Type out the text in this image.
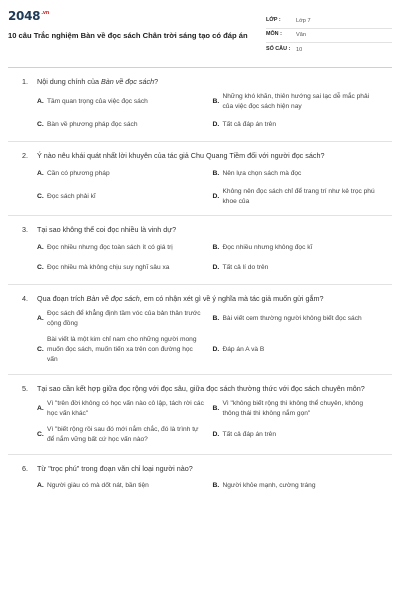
2048 .vn
10 câu Trắc nghiệm Bàn về đọc sách Chân trời sáng tạo có đáp án
LỚP :	Lớp 7
MÔN :	Văn
SỐ CÂU :	10
1.	Nội dung chính của Bàn về đọc sách?
A. Tầm quan trọng của việc đọc sách	B.
Những khó khăn, thiên hướng sai lạc dễ mắc phải của việc đọc sách hiện nay
C. Bàn về phương pháp đọc sách	D. Tất cả đáp án trên
2.	Ý nào nêu khái quát nhất lời khuyên của tác giả Chu Quang Tiềm đối với người đọc sách?
A. Cần có phương pháp	B. Nên lựa chọn sách mà đọc
C. Đọc sách phải kĩ	D.
Không nên đọc sách chỉ để trang trí như kẻ trọc phú khoe của
3.	Tại sao không thể coi đọc nhiều là vinh dự?
A. Đọc nhiều nhưng đọc toàn sách ít có giá trị	B. Đọc nhiều nhưng không đọc kĩ
C. Đọc nhiều mà không chịu suy nghĩ sâu xa	D. Tất cả lí do trên
4.	Qua đoạn trích Bàn về đọc sách, em có nhận xét gì về ý nghĩa mà tác giả muốn gửi gắm?
A.
Đọc sách để khẳng định tầm vóc của bản thân trước cộng đồng
B. Bài viết cem thường người không biết đọc sách
C.
Bài viết là một kim chỉ nam cho những người mong muốn đọc sách, muốn tiến xa trên con đường học vấn
D. Đáp án A và B
5.	Tại sao cần kết hợp giữa đọc rộng với đọc sâu, giữa đọc sách thường thức với đọc sách chuyên môn?
A.
Vì "trên đời không có học vấn nào cô lập, tách rời các học vấn khác"
B.
Vì "không biết rộng thì không thể chuyên, không thông thái thì không nắm gọn"
C.
Vì "biết rộng rồi sau đó mới nắm chắc, đó là trình tự để nắm vững bất cứ học vấn nào?
D. Tất cả đáp án trên
6.	Từ "trọc phú" trong đoạn văn chỉ loại người nào?
A. Người giàu có mà dốt nát, bần tiện	B. Người khỏe mạnh, cường tráng
